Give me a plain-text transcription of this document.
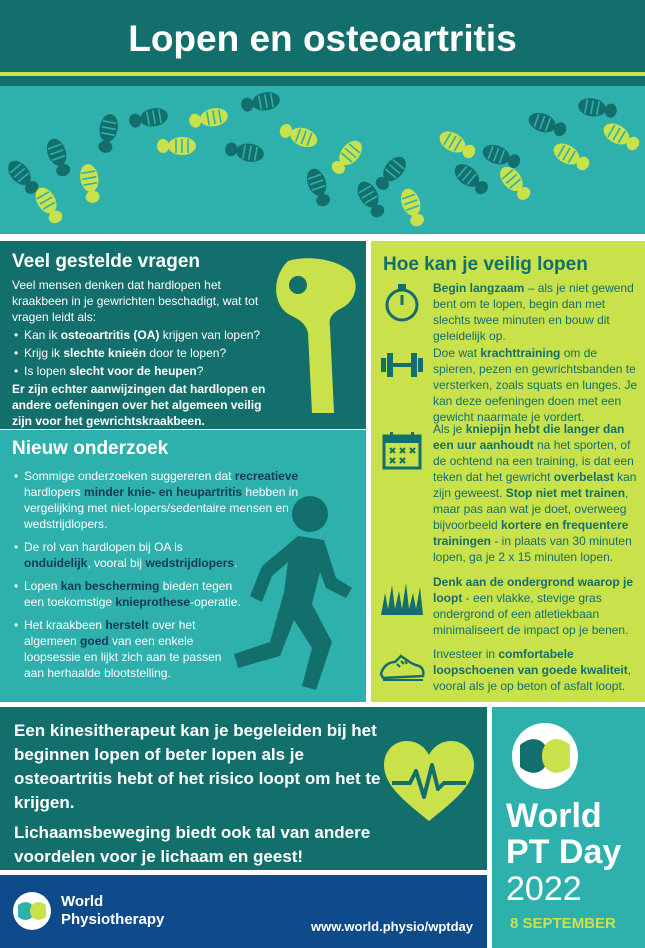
Lopen en osteoartritis
Veel gestelde vragen

Veel mensen denken dat hardlopen het kraakbeen in je gewrichten beschadigt, wat tot vragen leidt als:

• Kan ik osteoartritis (OA) krijgen van lopen?
• Krijg ik slechte knieën door te lopen?
• Is lopen slecht voor de heupen?

Er zijn echter aanwijzingen dat hardlopen en andere oefeningen over het algemeen veilig zijn voor het gewrichtskraakbeen.

Nieuw onderzoek
• Sommige onderzoeken suggereren dat recreatieve hardlopers minder knie- en heupartritis hebben in vergelijking met niet-lopers/sedentaire mensen en wedstrijdlopers.
• De rol van hardlopen bij OA is onduidelijk, vooral bij wedstrijdlopers.
• Lopen kan bescherming bieden tegen een toekomstige knieprothese-operatie.
• Het kraakbeen herstelt over het algemeen goed van een enkele loopsessie en lijkt zich aan te passen aan herhaalde blootstelling.
Hoe kan je veilig lopen
Begin langzaam – als je niet gewend bent om te lopen, begin dan met slechts twee minuten en bouw dit geleidelijk op.
Doe wat krachttraining om de spieren, pezen en gewrichtsbanden te versterken, zoals squats en lunges. Je kan deze oefeningen doen met een gewicht naarmate je vordert.
Als je kniepijn hebt die langer dan een uur aanhoudt na het sporten, of de ochtend na een training, is dat een teken dat het gewricht overbelast kan zijn geweest. Stop niet met trainen, maar pas aan wat je doet, overweeg bijvoorbeeld kortere en frequentere trainingen - in plaats van 30 minuten lopen, ga je 2 x 15 minuten lopen.
Denk aan de ondergrond waarop je loopt - een vlakke, stevige gras ondergrond of een atletiekbaan minimaliseert de impact op je benen.
Investeer in comfortabele loopschoenen van goede kwaliteit, vooral als je op beton of asfalt loopt.

Een kinesitherapeut kan je begeleiden bij het beginnen lopen of beter lopen als je osteoartritis hebt of het risico loopt om het te krijgen.

Lichaamsbeweging biedt ook tal van andere voordelen voor je lichaam en geest!

World
Physiotherapy	www.world.physio/wptday
World
PT Day
2022
8 SEPTEMBER
